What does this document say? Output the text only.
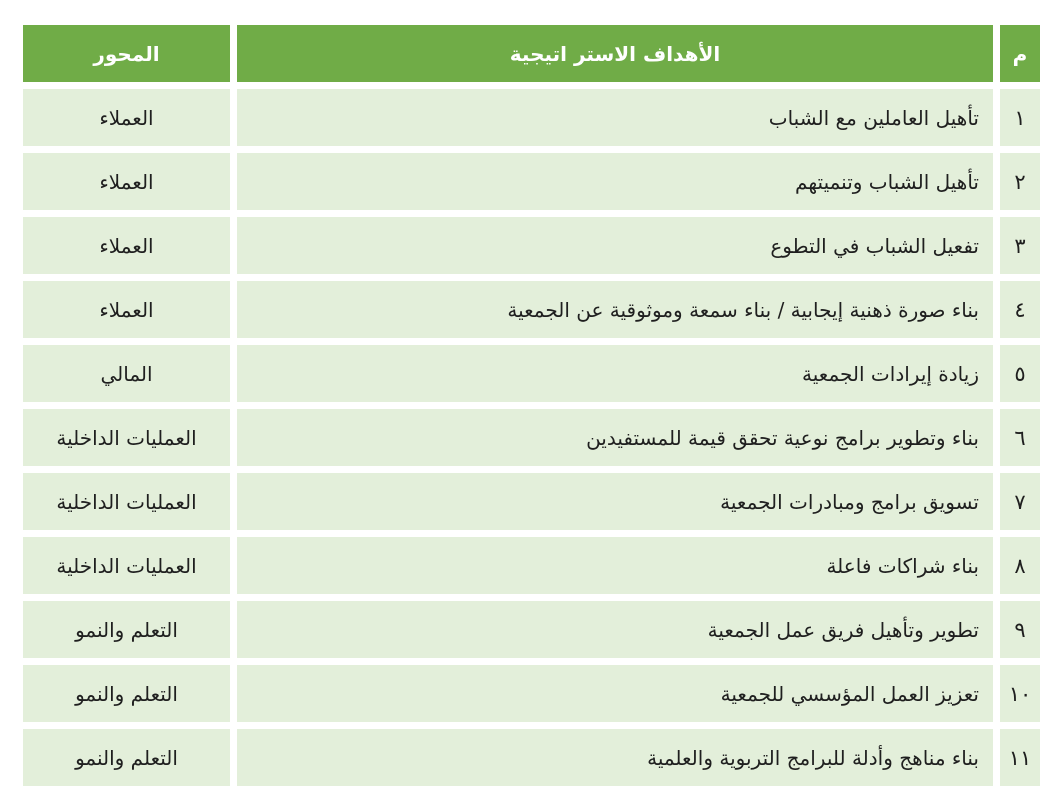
م
الأهداف الاستر اتيجية
المحور
١
تأهيل العاملين مع الشباب
العملاء
٢
تأهيل الشباب وتنميتهم
العملاء
٣
تفعيل الشباب في التطوع
العملاء
٤
بناء صورة ذهنية إيجابية / بناء سمعة وموثوقية عن الجمعية
العملاء
٥
زيادة إيرادات الجمعية
المالي
٦
بناء وتطوير برامج نوعية تحقق قيمة للمستفيدين
العمليات الداخلية
٧
تسويق برامج ومبادرات الجمعية
العمليات الداخلية
٨
بناء شراكات فاعلة
العمليات الداخلية
٩
تطوير وتأهيل فريق عمل الجمعية
التعلم والنمو
١٠
تعزيز العمل المؤسسي للجمعية
التعلم والنمو
١١
بناء مناهج وأدلة للبرامج التربوية والعلمية
التعلم والنمو
